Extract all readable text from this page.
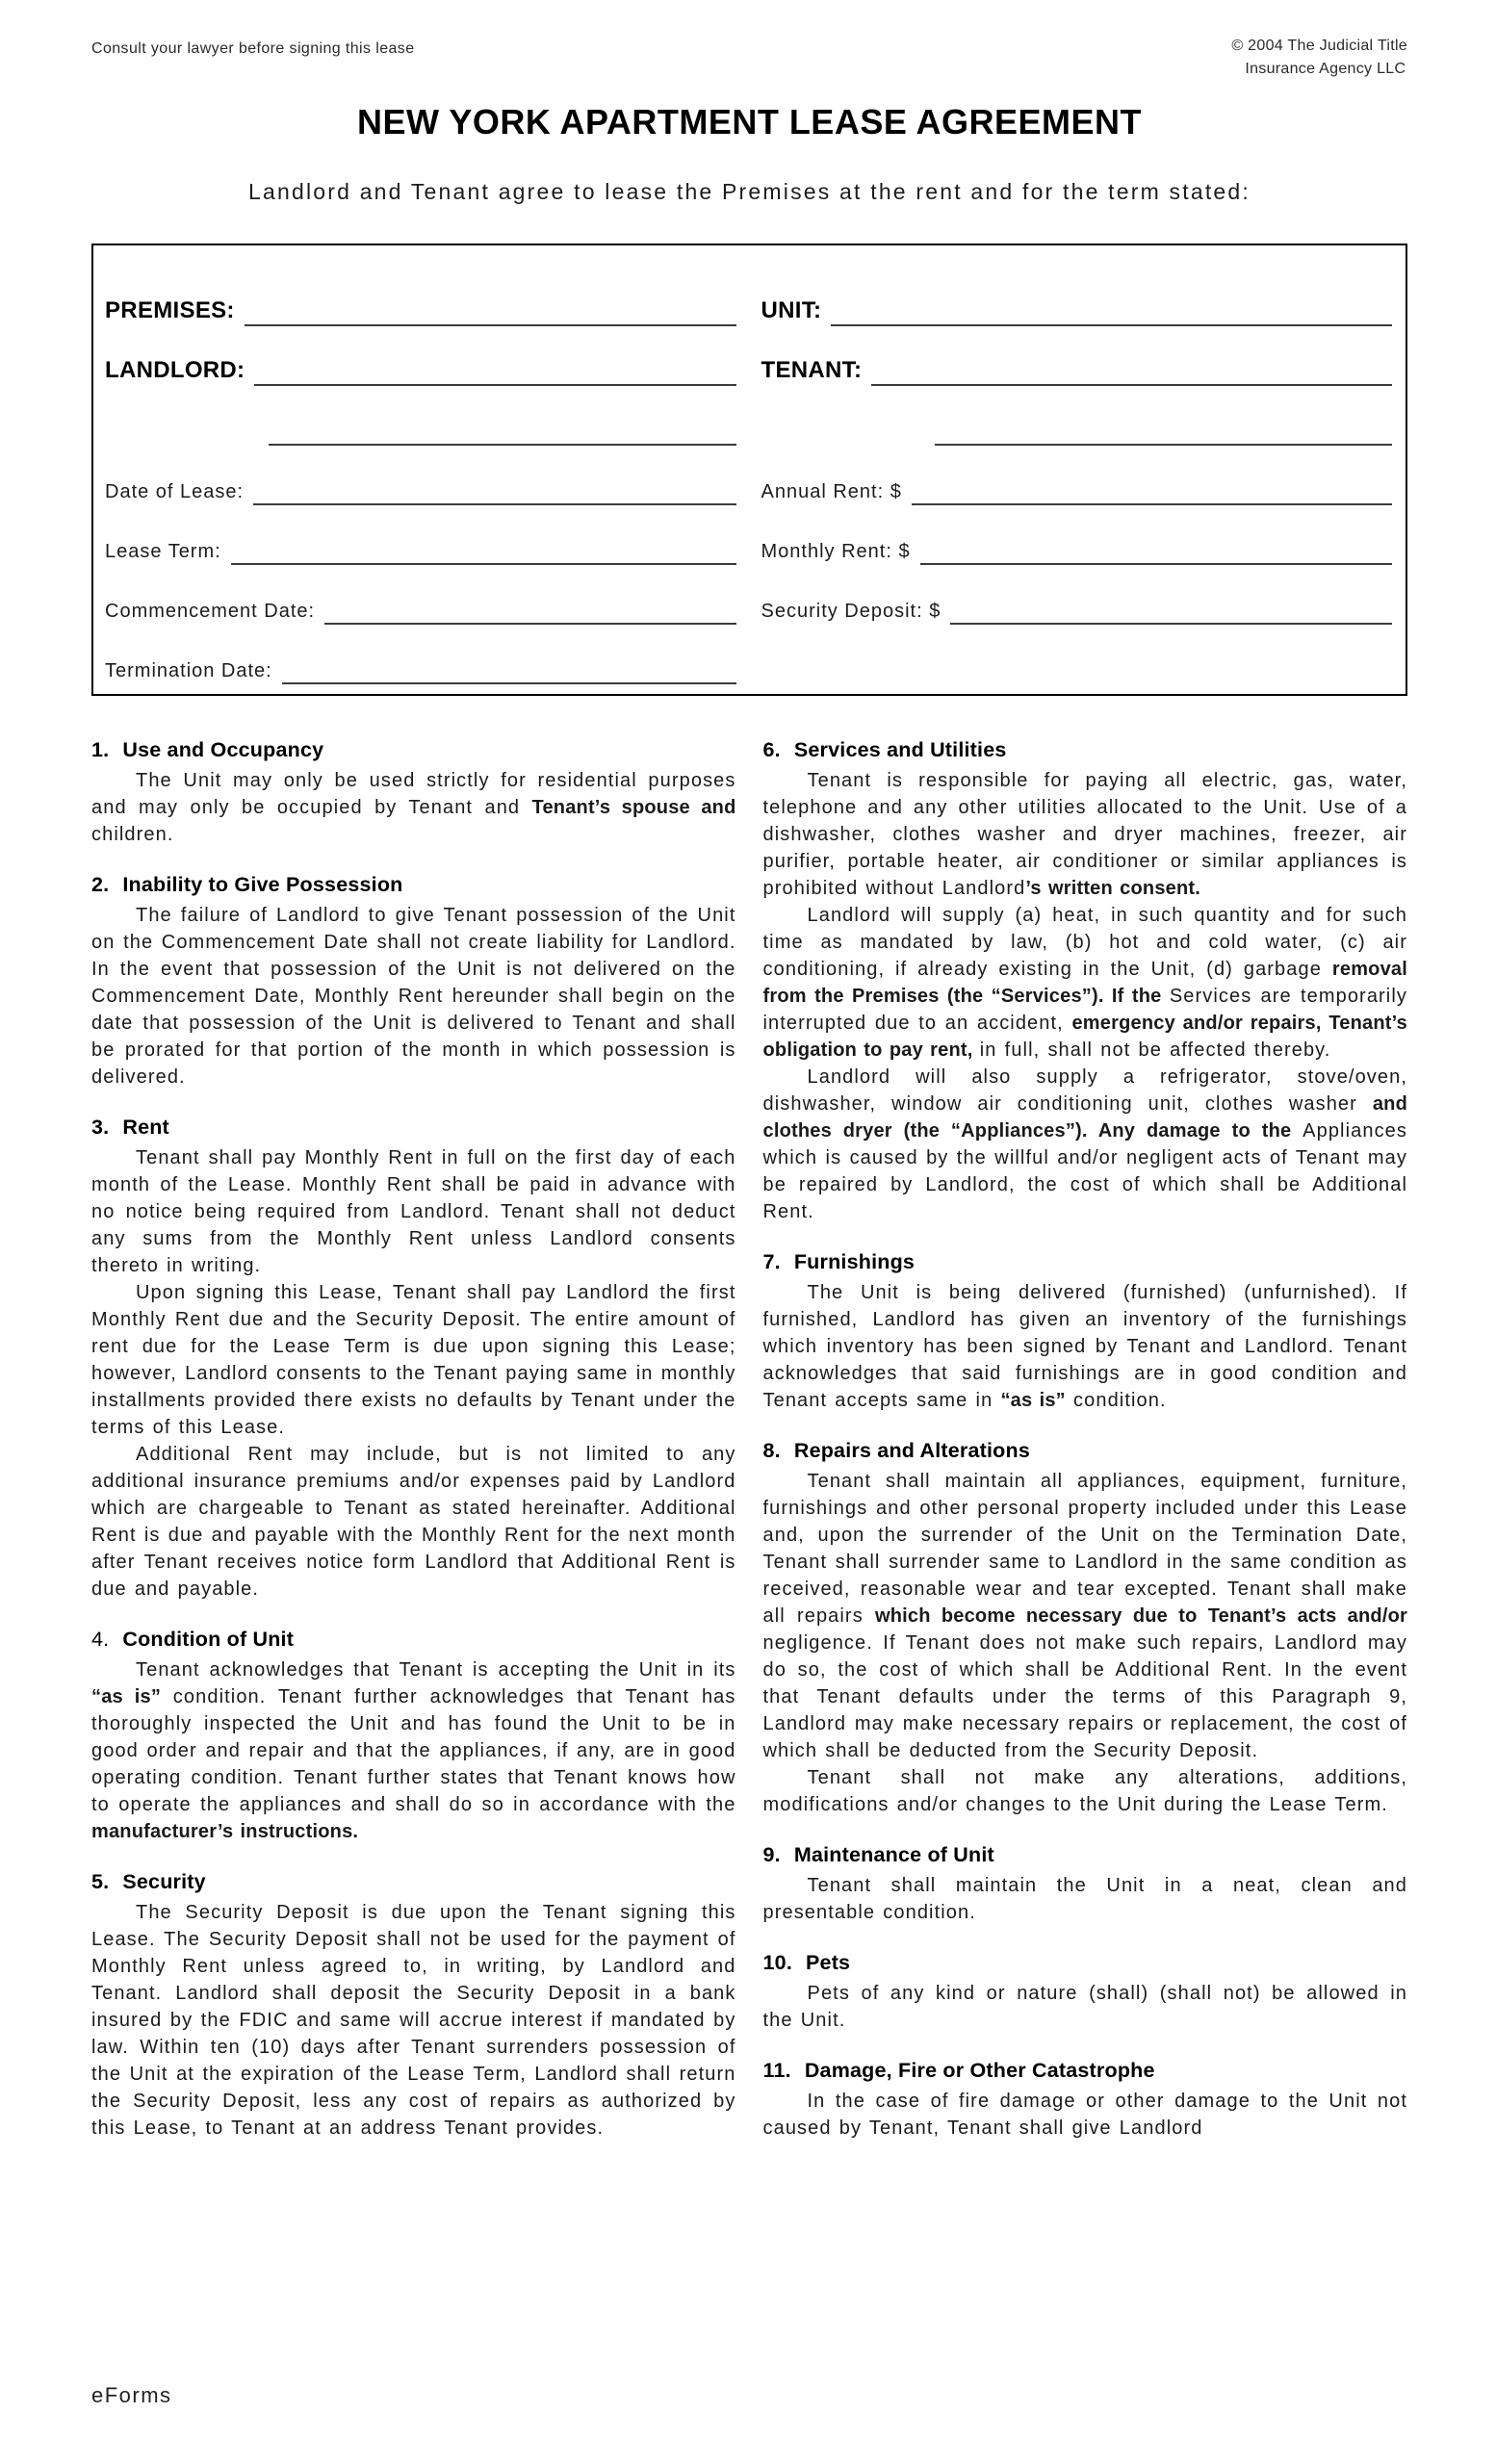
Consult your lawyer before signing this lease	© 2004 The Judicial Title
Insurance Agency LLC
NEW YORK APARTMENT LEASE AGREEMENT
Landlord and Tenant agree to lease the Premises at the rent and for the term stated:
PREMISES:	UNIT:
LANDLORD:	TENANT:
Date of Lease:	Annual Rent: $
Lease Term:	Monthly Rent: $
Commencement Date:	Security Deposit: $
Termination Date:
1. Use and Occupancy

The Unit may only be used strictly for residential purposes and may only be occupied by Tenant and Tenant’s spouse and children.

2. Inability to Give Possession

The failure of Landlord to give Tenant possession of the Unit on the Commencement Date shall not create liability for Landlord. In the event that possession of the Unit is not delivered on the Commencement Date, Monthly Rent hereunder shall begin on the date that possession of the Unit is delivered to Tenant and shall be prorated for that portion of the month in which possession is delivered.

3. Rent

Tenant shall pay Monthly Rent in full on the first day of each month of the Lease. Monthly Rent shall be paid in advance with no notice being required from Landlord. Tenant shall not deduct any sums from the Monthly Rent unless Landlord consents thereto in writing.

Upon signing this Lease, Tenant shall pay Landlord the first Monthly Rent due and the Security Deposit. The entire amount of rent due for the Lease Term is due upon signing this Lease; however, Landlord consents to the Tenant paying same in monthly installments provided there exists no defaults by Tenant under the terms of this Lease.

Additional Rent may include, but is not limited to any additional insurance premiums and/or expenses paid by Landlord which are chargeable to Tenant as stated hereinafter. Additional Rent is due and payable with the Monthly Rent for the next month after Tenant receives notice form Landlord that Additional Rent is due and payable.

4. Condition of Unit

Tenant acknowledges that Tenant is accepting the Unit in its “as is” condition. Tenant further acknowledges that Tenant has thoroughly inspected the Unit and has found the Unit to be in good order and repair and that the appliances, if any, are in good operating condition. Tenant further states that Tenant knows how to operate the appliances and shall do so in accordance with the manufacturer’s instructions.

5. Security

The Security Deposit is due upon the Tenant signing this Lease. The Security Deposit shall not be used for the payment of Monthly Rent unless agreed to, in writing, by Landlord and Tenant. Landlord shall deposit the Security Deposit in a bank insured by the FDIC and same will accrue interest if mandated by law. Within ten (10) days after Tenant surrenders possession of the Unit at the expiration of the Lease Term, Landlord shall return the Security Deposit, less any cost of repairs as authorized by this Lease, to Tenant at an address Tenant provides.

6. Services and Utilities

Tenant is responsible for paying all electric, gas, water, telephone and any other utilities allocated to the Unit. Use of a dishwasher, clothes washer and dryer machines, freezer, air purifier, portable heater, air conditioner or similar appliances is prohibited without Landlord’s written consent.

Landlord will supply (a) heat, in such quantity and for such time as mandated by law, (b) hot and cold water, (c) air conditioning, if already existing in the Unit, (d) garbage removal from the Premises (the “Services”). If the Services are temporarily interrupted due to an accident, emergency and/or repairs, Tenant’s obligation to pay rent, in full, shall not be affected thereby.

Landlord will also supply a refrigerator, stove/oven, dishwasher, window air conditioning unit, clothes washer and clothes dryer (the “Appliances”). Any damage to the Appliances which is caused by the willful and/or negligent acts of Tenant may be repaired by Landlord, the cost of which shall be Additional Rent.

7. Furnishings

The Unit is being delivered (furnished) (unfurnished). If furnished, Landlord has given an inventory of the furnishings which inventory has been signed by Tenant and Landlord. Tenant acknowledges that said furnishings are in good condition and Tenant accepts same in “as is” condition.

8. Repairs and Alterations

Tenant shall maintain all appliances, equipment, furniture, furnishings and other personal property included under this Lease and, upon the surrender of the Unit on the Termination Date, Tenant shall surrender same to Landlord in the same condition as received, reasonable wear and tear excepted. Tenant shall make all repairs which become necessary due to Tenant’s acts and/or negligence. If Tenant does not make such repairs, Landlord may do so, the cost of which shall be Additional Rent. In the event that Tenant defaults under the terms of this Paragraph 9, Landlord may make necessary repairs or replacement, the cost of which shall be deducted from the Security Deposit.

Tenant shall not make any alterations, additions, modifications and/or changes to the Unit during the Lease Term.

9. Maintenance of Unit

Tenant shall maintain the Unit in a neat, clean and presentable condition.

10. Pets

Pets of any kind or nature (shall) (shall not) be allowed in the Unit.

11. Damage, Fire or Other Catastrophe

In the case of fire damage or other damage to the Unit not caused by Tenant, Tenant shall give Landlord

eForms
